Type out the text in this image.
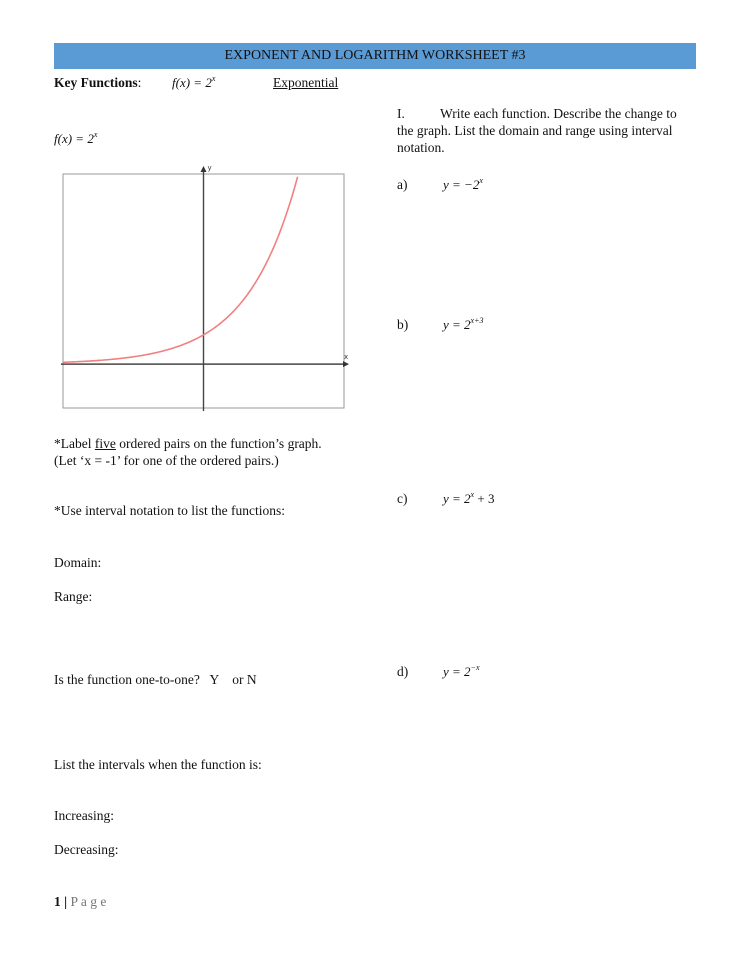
EXPONENT AND LOGARITHM WORKSHEET #3
Key Functions: $f(x) = 2^x$	Exponential
$f(x) = 2^x$
x
y
*Label five ordered pairs on the function’s graph.
(Let ‘x = -1’ for one of the ordered pairs.)
*Use interval notation to list the functions:
Domain:
Range:
Is the function one-to-one?   Y    or N
List the intervals when the function is:
Increasing:
Decreasing:
I.	Write each function. Describe the change to the graph. List the domain and range using interval notation.
a)	$y = -2^x$
b)	$y = 2^{x+3}$
c)	$y = 2^x + 3$
d)	$y = 2^{-x}$
1 | P a g e
